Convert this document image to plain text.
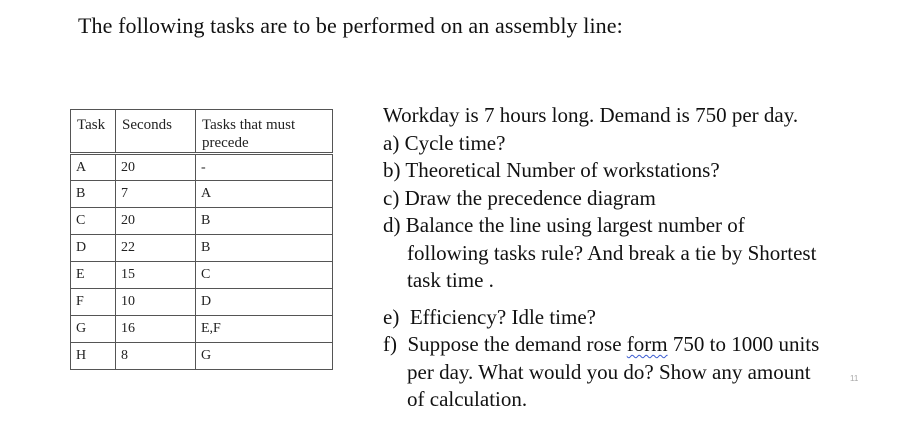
The following tasks are to be performed on an assembly line:
Task	Seconds	Tasks that must
precede
A	20	-
B	7	A
C	20	B
D	22	B
E	15	C
F	10	D
G	16	E,F
H	8	G

Workday is 7 hours long. Demand is 750 per day.

a) Cycle time?

b) Theoretical Number of workstations?

c) Draw the precedence diagram

d) Balance the line using largest number of

following tasks rule? And break a tie by Shortest

task time .

e)  Efficiency? Idle time?

f)  Suppose the demand rose form 750 to 1000 units

per day. What would you do? Show any amount

of calculation.

11
